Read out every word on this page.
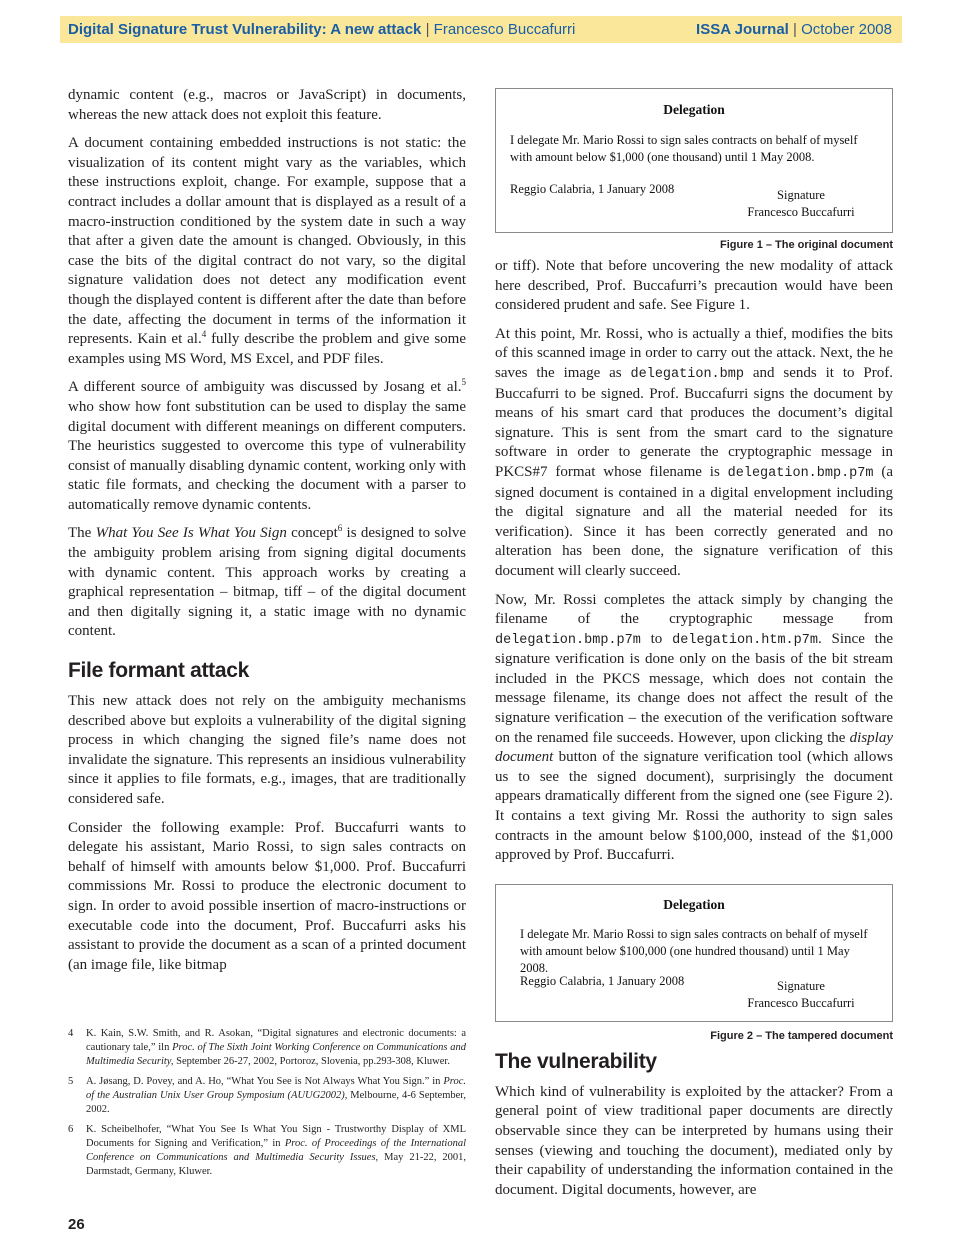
Digital Signature Trust Vulnerability: A new attack | Francesco Buccafurri	ISSA Journal | October 2008

dynamic content (e.g., macros or JavaScript) in documents, whereas the new attack does not exploit this feature.

A document containing embedded instructions is not static: the visualization of its content might vary as the variables, which these instructions exploit, change. For example, suppose that a contract includes a dollar amount that is displayed as a result of a macro-instruction conditioned by the system date in such a way that after a given date the amount is changed. Obviously, in this case the bits of the digital contract do not vary, so the digital signature validation does not detect any modification event though the displayed content is different after the date than before the date, affecting the document in terms of the information it represents. Kain et al.$^4$ fully describe the problem and give some examples using MS Word, MS Excel, and PDF files.

A different source of ambiguity was discussed by Josang et al.$^5$ who show how font substitution can be used to display the same digital document with different meanings on different computers. The heuristics suggested to overcome this type of vulnerability consist of manually disabling dynamic content, working only with static file formats, and checking the document with a parser to automatically remove dynamic contents.

The What You See Is What You Sign concept$^6$ is designed to solve the ambiguity problem arising from signing digital documents with dynamic content. This approach works by creating a graphical representation – bitmap, tiff – of the digital document and then digitally signing it, a static image with no dynamic content.

File formant attack

This new attack does not rely on the ambiguity mechanisms described above but exploits a vulnerability of the digital signing process in which changing the signed file’s name does not invalidate the signature. This represents an insidious vulnerability since it applies to file formats, e.g., images, that are traditionally considered safe.

Consider the following example: Prof. Buccafurri wants to delegate his assistant, Mario Rossi, to sign sales contracts on behalf of himself with amounts below $1,000. Prof. Buccafurri commissions Mr. Rossi to produce the electronic document to sign. In order to avoid possible insertion of macro-instructions or executable code into the document, Prof. Buccafurri asks his assistant to provide the document as a scan of a printed document (an image file, like bitmap

4 K. Kain, S.W. Smith, and R. Asokan, “Digital signatures and electronic documents: a cautionary tale,” iln Proc. of The Sixth Joint Working Conference on Communications and Multimedia Security, September 26-27, 2002, Portoroz, Slovenia, pp.293-308, Kluwer.
5 A. Jøsang, D. Povey, and A. Ho, “What You See is Not Always What You Sign.” in Proc. of the Australian Unix User Group Symposium (AUUG2002), Melbourne, 4-6 September, 2002.
6 K. Scheibelhofer, “What You See Is What You Sign - Trustworthy Display of XML Documents for Signing and Verification,” in Proc. of Proceedings of the International Conference on Communications and Multimedia Security Issues, May 21-22, 2001, Darmstadt, Germany, Kluwer.
26
Delegation
I delegate Mr. Mario Rossi to sign sales contracts on behalf of myself with amount below $1,000 (one thousand) until 1 May 2008.
Reggio Calabria, 1 January 2008	Signature
Francesco Buccafurri
Figure 1 – The original document

or tiff). Note that before uncovering the new modality of attack here described, Prof. Buccafurri’s precaution would have been considered prudent and safe. See Figure 1.

At this point, Mr. Rossi, who is actually a thief, modifies the bits of this scanned image in order to carry out the attack. Next, the he saves the image as delegation.bmp and sends it to Prof. Buccafurri to be signed. Prof. Buccafurri signs the document by means of his smart card that produces the document’s digital signature. This is sent from the smart card to the signature software in order to generate the cryptographic message in PKCS#7 format whose filename is delegation.bmp.p7m (a signed document is contained in a digital envelopment including the digital signature and all the material needed for its verification). Since it has been correctly generated and no alteration has been done, the signature verification of this document will clearly succeed.

Now, Mr. Rossi completes the attack simply by changing the filename of the cryptographic message from delegation.bmp.p7m to delegation.htm.p7m. Since the signature verification is done only on the basis of the bit stream included in the PKCS message, which does not contain the message filename, its change does not affect the result of the signature verification – the execution of the verification software on the renamed file succeeds. However, upon clicking the display document button of the signature verification tool (which allows us to see the signed document), surprisingly the document appears dramatically different from the signed one (see Figure 2). It contains a text giving Mr. Rossi the authority to sign sales contracts in the amount below $100,000, instead of the $1,000 approved by Prof. Buccafurri.

Delegation
I delegate Mr. Mario Rossi to sign sales contracts on behalf of myself with amount below $100,000 (one hundred thousand) until 1 May 2008.
Reggio Calabria, 1 January 2008	Signature
Francesco Buccafurri
Figure 2 – The tampered document
The vulnerability

Which kind of vulnerability is exploited by the attacker? From a general point of view traditional paper documents are directly observable since they can be interpreted by humans using their senses (viewing and touching the document), mediated only by their capability of understanding the information contained in the document. Digital documents, however, are
